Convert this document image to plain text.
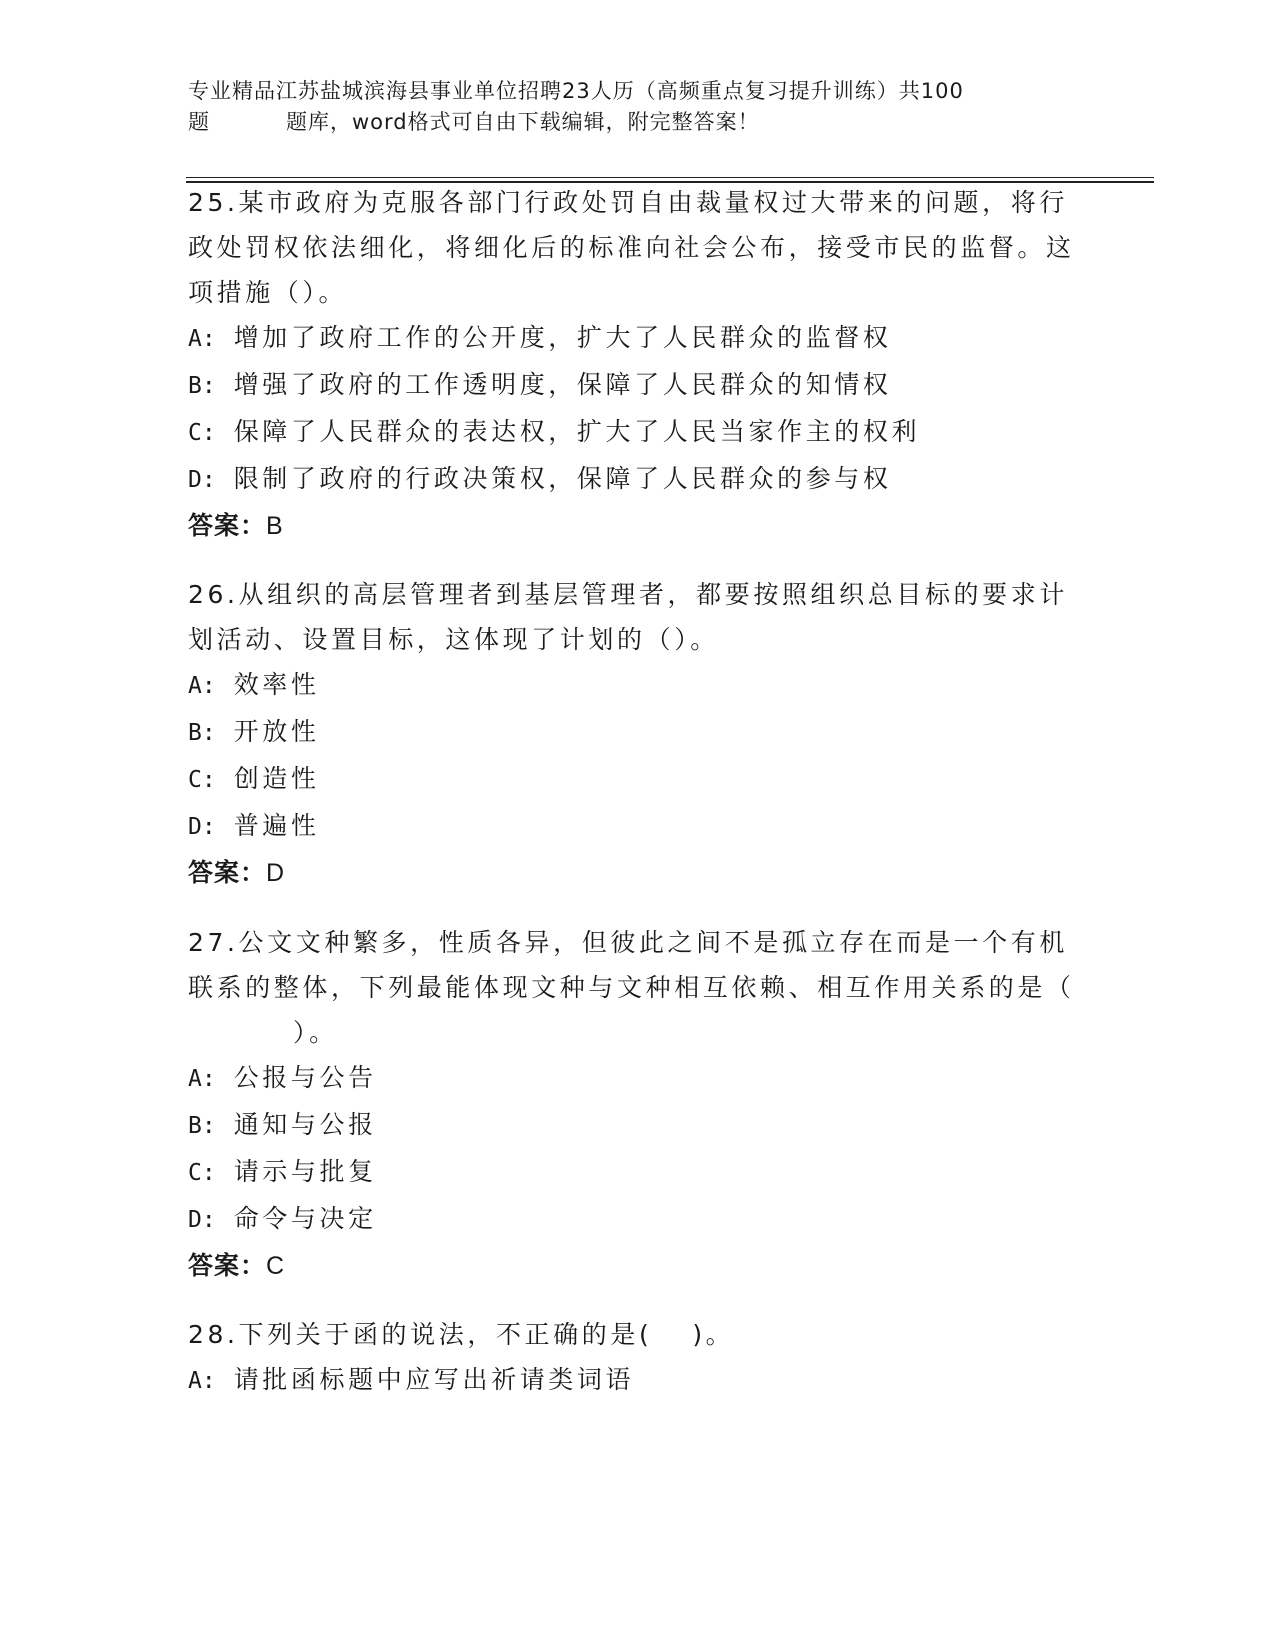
专业精品江苏盐城滨海县事业单位招聘23人历（高频重点复习提升训练）共100
题	题库，word格式可自由下载编辑，附完整答案！

25.某市政府为克服各部门行政处罚自由裁量权过大带来的问题，将行政处罚权依法细化，将细化后的标准向社会公布，接受市民的监督。这项措施（）。

A: 增加了政府工作的公开度，扩大了人民群众的监督权
B: 增强了政府的工作透明度，保障了人民群众的知情权
C: 保障了人民群众的表达权，扩大了人民当家作主的权利
D: 限制了政府的行政决策权，保障了人民群众的参与权
答案：B

26.从组织的高层管理者到基层管理者，都要按照组织总目标的要求计划活动、设置目标，这体现了计划的（）。

A: 效率性
B: 开放性
C: 创造性
D: 普遍性
答案：D

27.公文文种繁多，性质各异，但彼此之间不是孤立存在而是一个有机联系的整体，下列最能体现文种与文种相互依赖、相互作用关系的是（）。

A: 公报与公告
B: 通知与公报
C: 请示与批复
D: 命令与决定
答案：C

28.下列关于函的说法，不正确的是( )。

A: 请批函标题中应写出祈请类词语
